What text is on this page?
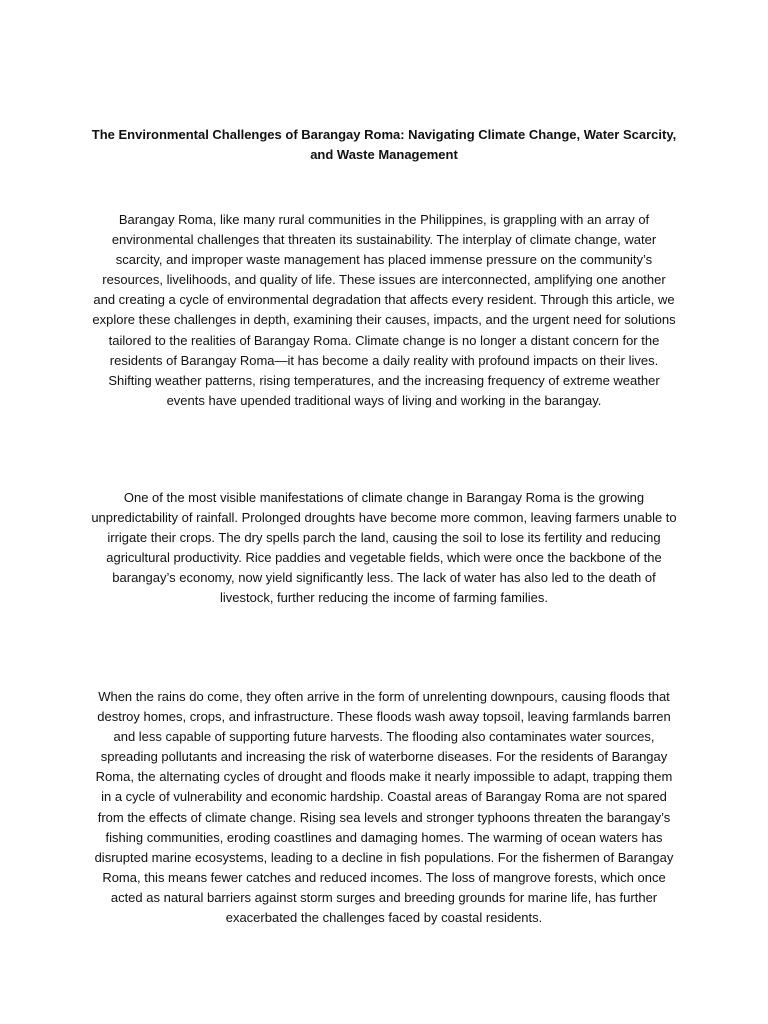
The Environmental Challenges of Barangay Roma: Navigating Climate Change, Water Scarcity, and Waste Management

Barangay Roma, like many rural communities in the Philippines, is grappling with an array of environmental challenges that threaten its sustainability. The interplay of climate change, water scarcity, and improper waste management has placed immense pressure on the community’s resources, livelihoods, and quality of life. These issues are interconnected, amplifying one another and creating a cycle of environmental degradation that affects every resident. Through this article, we explore these challenges in depth, examining their causes, impacts, and the urgent need for solutions tailored to the realities of Barangay Roma. Climate change is no longer a distant concern for the residents of Barangay Roma—it has become a daily reality with profound impacts on their lives. Shifting weather patterns, rising temperatures, and the increasing frequency of extreme weather events have upended traditional ways of living and working in the barangay.

One of the most visible manifestations of climate change in Barangay Roma is the growing unpredictability of rainfall. Prolonged droughts have become more common, leaving farmers unable to irrigate their crops. The dry spells parch the land, causing the soil to lose its fertility and reducing agricultural productivity. Rice paddies and vegetable fields, which were once the backbone of the barangay’s economy, now yield significantly less. The lack of water has also led to the death of livestock, further reducing the income of farming families.

When the rains do come, they often arrive in the form of unrelenting downpours, causing floods that destroy homes, crops, and infrastructure. These floods wash away topsoil, leaving farmlands barren and less capable of supporting future harvests. The flooding also contaminates water sources, spreading pollutants and increasing the risk of waterborne diseases. For the residents of Barangay Roma, the alternating cycles of drought and floods make it nearly impossible to adapt, trapping them in a cycle of vulnerability and economic hardship. Coastal areas of Barangay Roma are not spared from the effects of climate change. Rising sea levels and stronger typhoons threaten the barangay’s fishing communities, eroding coastlines and damaging homes. The warming of ocean waters has disrupted marine ecosystems, leading to a decline in fish populations. For the fishermen of Barangay Roma, this means fewer catches and reduced incomes. The loss of mangrove forests, which once acted as natural barriers against storm surges and breeding grounds for marine life, has further exacerbated the challenges faced by coastal residents.
